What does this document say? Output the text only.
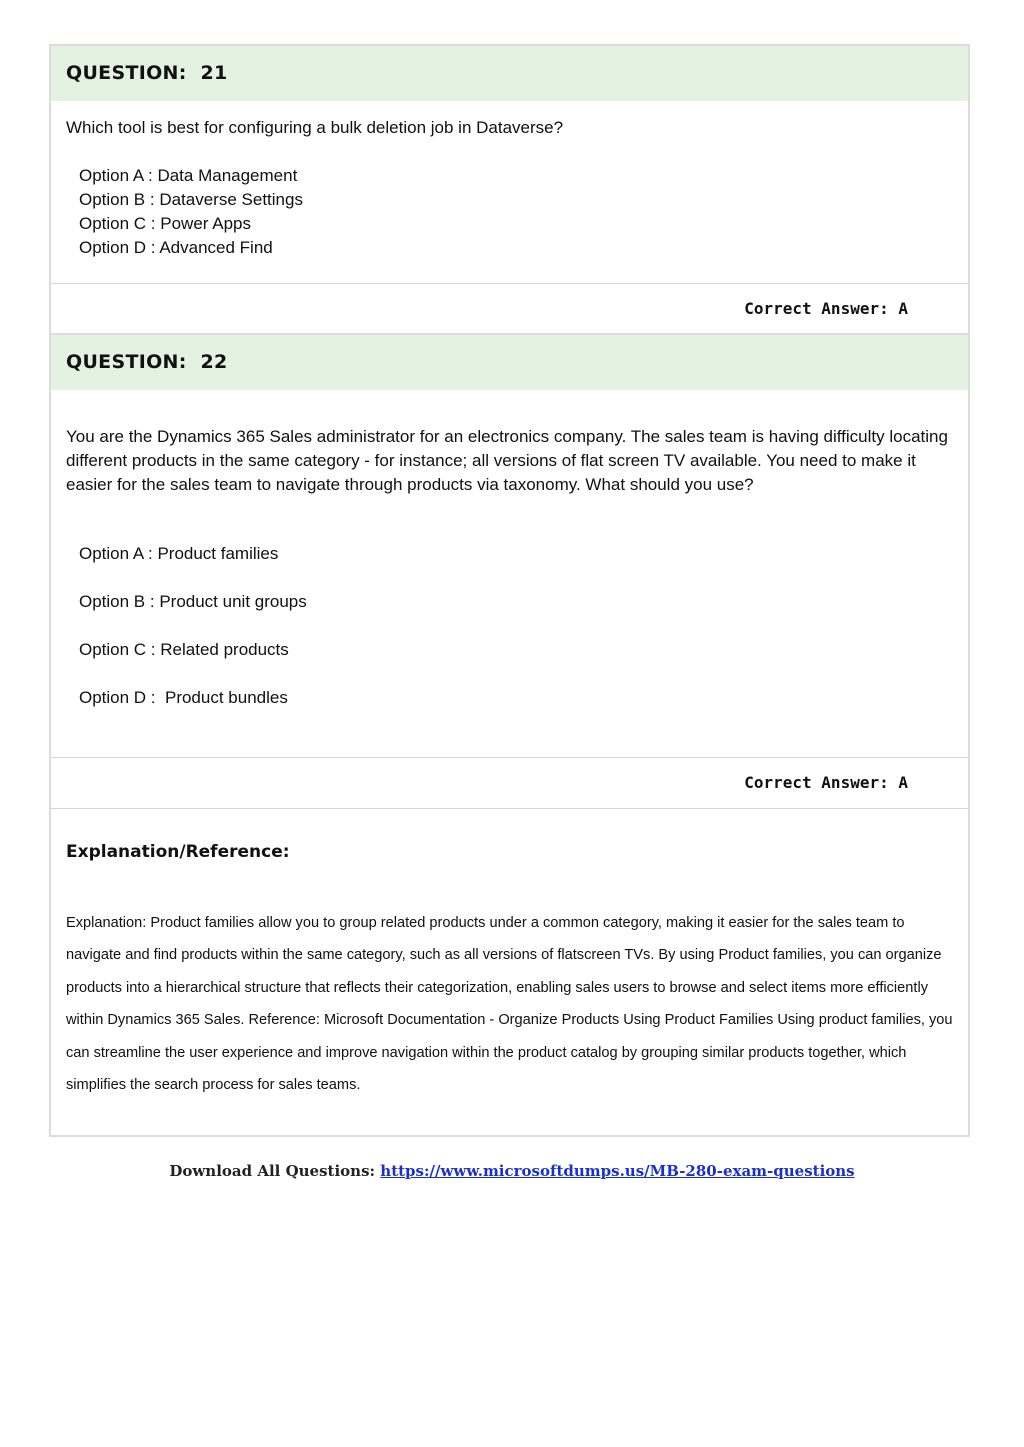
QUESTION:  21
Which tool is best for configuring a bulk deletion job in Dataverse?
Option A : Data Management
Option B : Dataverse Settings
Option C : Power Apps
Option D : Advanced Find
Correct Answer: A
QUESTION:  22
You are the Dynamics 365 Sales administrator for an electronics company. The sales team is having difficulty locating different products in the same category - for instance; all versions of flat screen TV available. You need to make it easier for the sales team to navigate through products via taxonomy. What should you use?
Option A : Product families
Option B : Product unit groups
Option C : Related products
Option D :  Product bundles
Correct Answer: A
Explanation/Reference:
Explanation: Product families allow you to group related products under a common category, making it easier for the sales team to navigate and find products within the same category, such as all versions of flatscreen TVs. By using Product families, you can organize products into a hierarchical structure that reflects their categorization, enabling sales users to browse and select items more efficiently within Dynamics 365 Sales. Reference: Microsoft Documentation - Organize Products Using Product Families Using product families, you can streamline the user experience and improve navigation within the product catalog by grouping similar products together, which simplifies the search process for sales teams.
Download All Questions: https://www.microsoftdumps.us/MB-280-exam-questions
